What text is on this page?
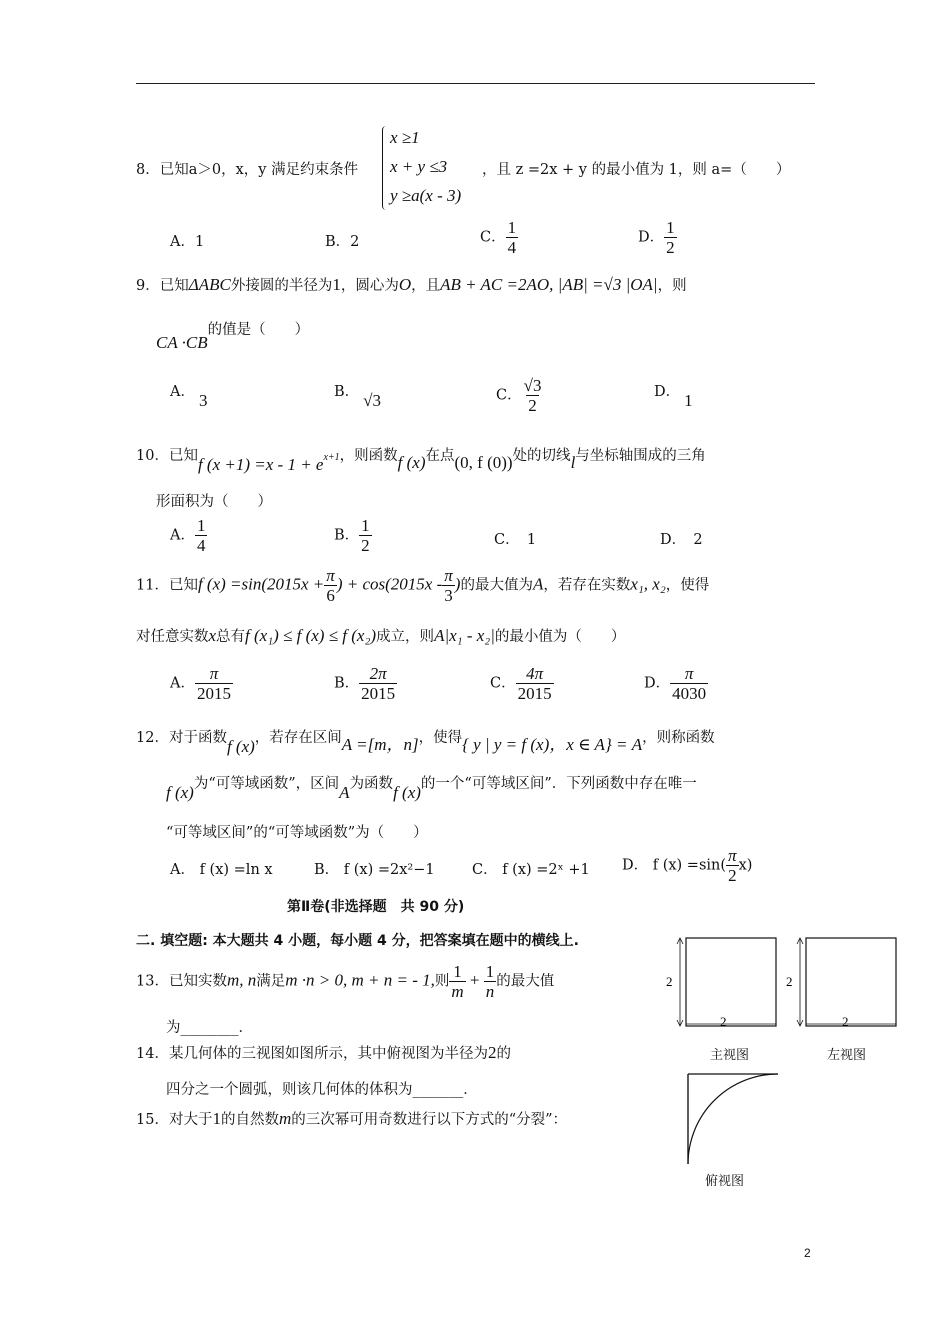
8．已知a＞0，x，y 满足约束条件
x ≥1
x + y ≤3
y ≥a(x - 3)
，且 z =2x + y 的最小值为 1，则 a=（　　）
A．1	B．2	C． $\frac{1}{4}$	D． $\frac{1}{2}$
9．已知ΔABC外接圆的半径为1，圆心为O，且AB + AC =2AO, |AB| =√3 |OA|，则
CA ·CB的值是（　　）
A． 3	B． √3	C． $\frac{√3}{2}$	D． 1
10．已知f $(x +1) =x - 1 + e^{x+1}$，则函数f (x)在点(0, f (0))处的切线l与坐标轴围成的三角
形面积为（　　）
A． $\frac{1}{4}$	B． $\frac{1}{2}$	C．　1	D．　2
11．已知f $(x) =\sin(2015x + \frac{\pi}{6}$ ) + $\cos(2015x - \frac{\pi}{3}$ )的最大值为A，若存在实数x₁, x₂，使得
对任意实数x总有f (x₁) ≤ f (x) ≤ f (x₂)成立，则A|x₁ - x₂|的最小值为（　　）
A． $\frac{\pi}{2015}$	B． $\frac{2\pi}{2015}$	C． $\frac{4\pi}{2015}$	D． $\frac{\pi}{4030}$
12．对于函数f (x)，若存在区间A =[m，n]，使得{ y | y = f (x)，x ∈ A} = A，则称函数
f (x)为“可等域函数”，区间A为函数f (x)的一个“可等域区间”．下列函数中存在唯一
“可等域区间”的“可等域函数”为（　　）
A． f (x) =ln x	B． f (x) =2x²−1	C． f (x) =2ˣ +1 D． f $(x) =\sin( \frac{\pi}{2} x)$
第Ⅱ卷(非选择题　共 90 分)
二. 填空题: 本大题共 4 小题，每小题 4 分，把答案填在题中的横线上.
13．已知实数m, n满足m ·n > 0, m + n = - 1,则 $\frac{1}{m} + \frac{1}{n}$ 的最大值
为________．
14．某几何体的三视图如图所示，其中俯视图为半径为2的
四分之一个圆弧，则该几何体的体积为_______．
15．对大于1的自然数m的三次幂可用奇数进行以下方式的“分裂”：
2
2
2
2
主视图	左视图
俯视图
2
